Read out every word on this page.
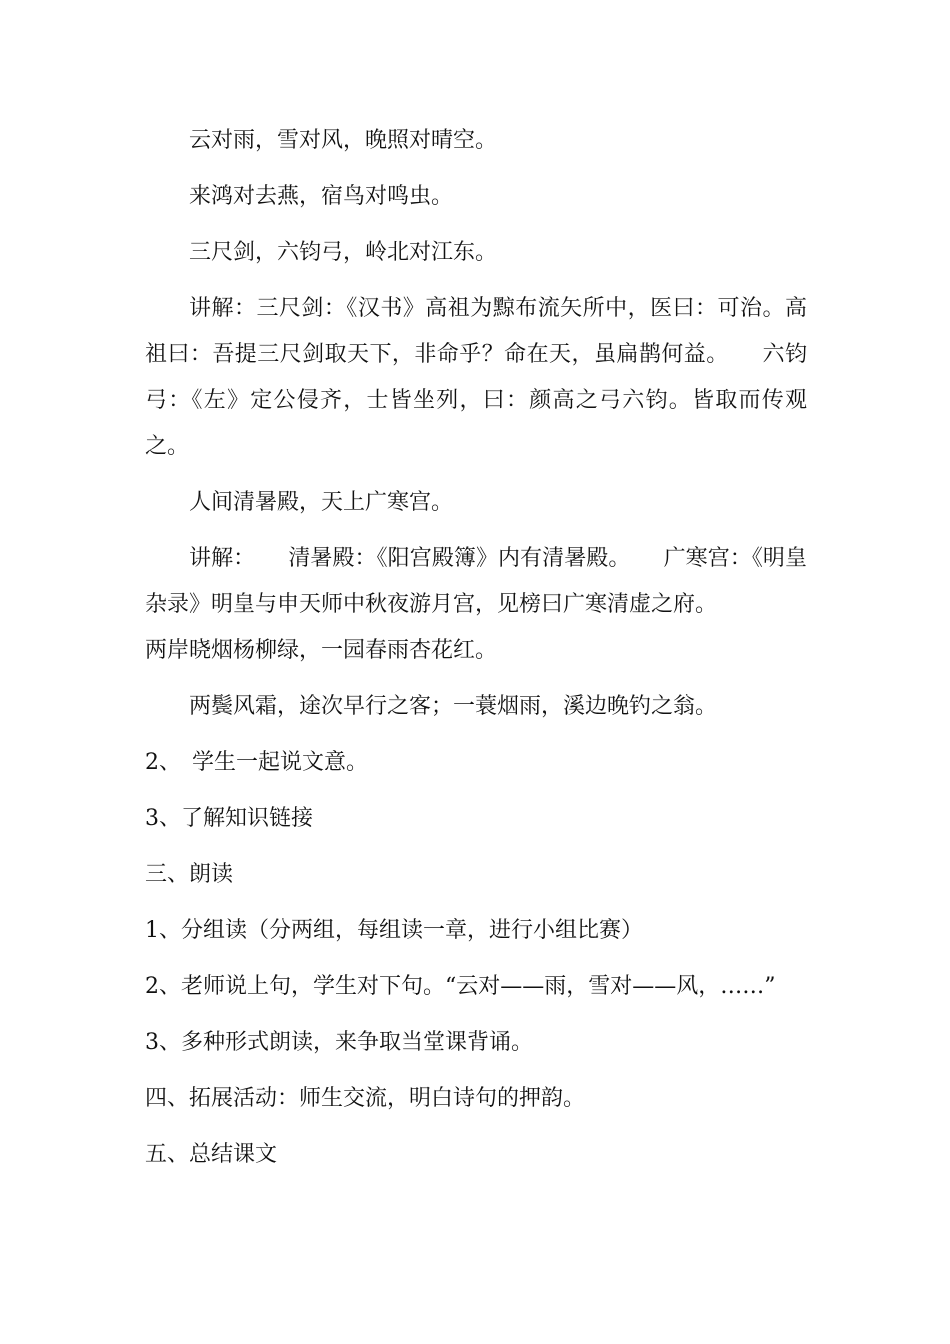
云对雨，雪对风，晚照对晴空。

来鸿对去燕，宿鸟对鸣虫。

三尺剑，六钧弓，岭北对江东。

讲解：三尺剑：《汉书》高祖为黥布流矢所中，医曰：可治。高祖曰：吾提三尺剑取天下，非命乎？命在天，虽扁鹊何益。　　六钧弓：《左》定公侵齐，士皆坐列，曰：颜高之弓六钧。皆取而传观之。

人间清暑殿，天上广寒宫。

讲解：　　清暑殿：《阳宫殿簿》内有清暑殿。　　广寒宫：《明皇杂录》明皇与申天师中秋夜游月宫，见榜曰广寒清虚之府。

两岸晓烟杨柳绿，一园春雨杏花红。

两鬓风霜，途次早行之客；一蓑烟雨，溪边晚钓之翁。

2、　学生一起说文意。

3、了解知识链接

三、朗读

1、分组读（分两组，每组读一章，进行小组比赛）

2、老师说上句，学生对下句。“云对——雨，雪对——风，……”

3、多种形式朗读，来争取当堂课背诵。

四、拓展活动：师生交流，明白诗句的押韵。

五、总结课文
